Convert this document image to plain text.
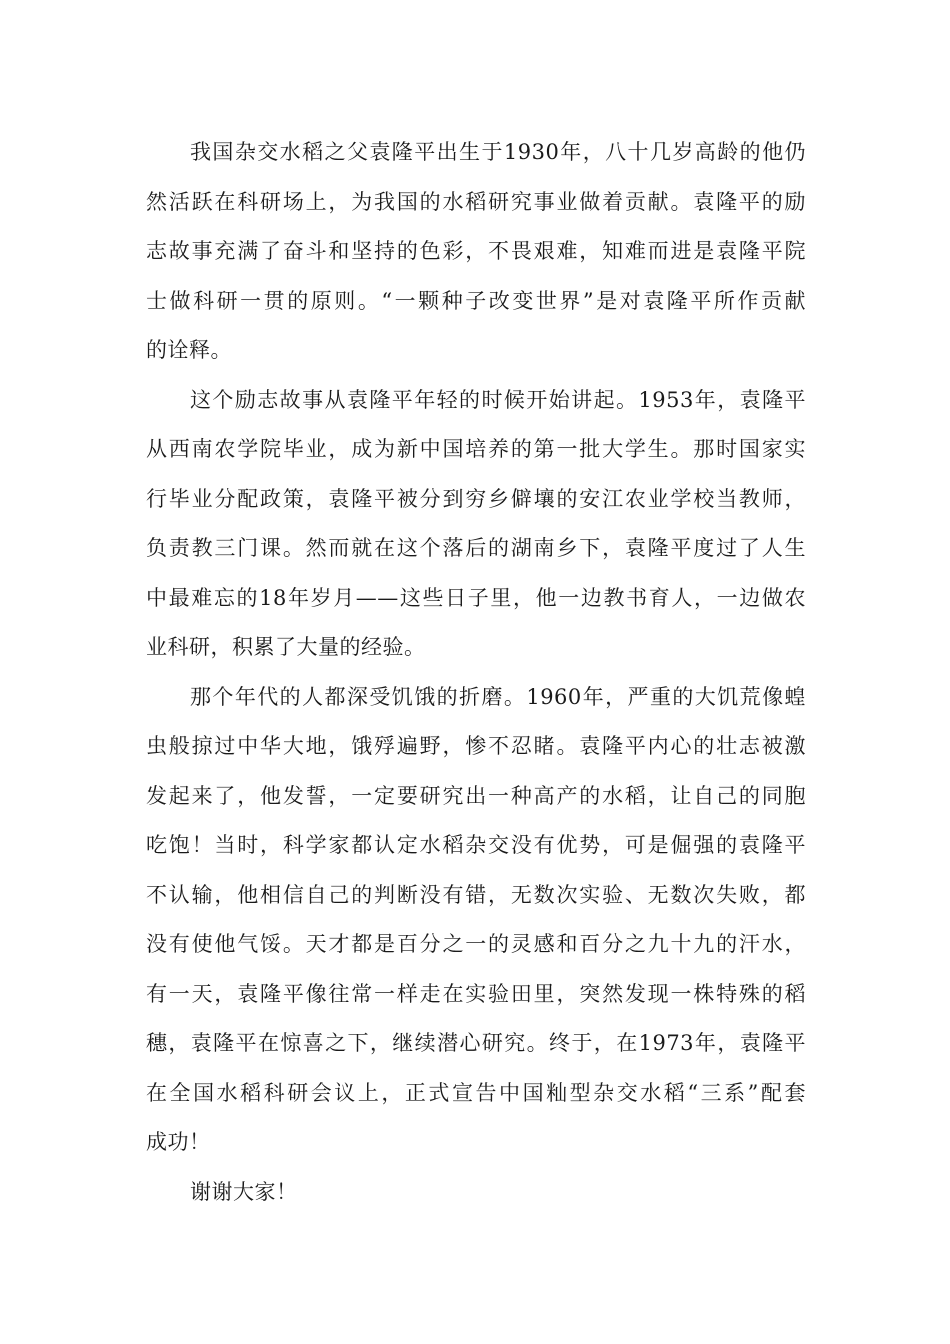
我国杂交水稻之父袁隆平出生于1930年，八十几岁高龄的他仍
然活跃在科研场上，为我国的水稻研究事业做着贡献。袁隆平的励
志故事充满了奋斗和坚持的色彩，不畏艰难，知难而进是袁隆平院
士做科研一贯的原则。“一颗种子改变世界”是对袁隆平所作贡献
的诠释。
这个励志故事从袁隆平年轻的时候开始讲起。1953年，袁隆平
从西南农学院毕业，成为新中国培养的第一批大学生。那时国家实
行毕业分配政策，袁隆平被分到穷乡僻壤的安江农业学校当教师，
负责教三门课。然而就在这个落后的湖南乡下，袁隆平度过了人生
中最难忘的18年岁月——这些日子里，他一边教书育人，一边做农
业科研，积累了大量的经验。
那个年代的人都深受饥饿的折磨。1960年，严重的大饥荒像蝗
虫般掠过中华大地，饿殍遍野，惨不忍睹。袁隆平内心的壮志被激
发起来了，他发誓，一定要研究出一种高产的水稻，让自己的同胞
吃饱！当时，科学家都认定水稻杂交没有优势，可是倔强的袁隆平
不认输，他相信自己的判断没有错，无数次实验、无数次失败，都
没有使他气馁。天才都是百分之一的灵感和百分之九十九的汗水，
有一天，袁隆平像往常一样走在实验田里，突然发现一株特殊的稻
穗，袁隆平在惊喜之下，继续潜心研究。终于，在1973年，袁隆平
在全国水稻科研会议上，正式宣告中国籼型杂交水稻“三系”配套
成功！
谢谢大家！
